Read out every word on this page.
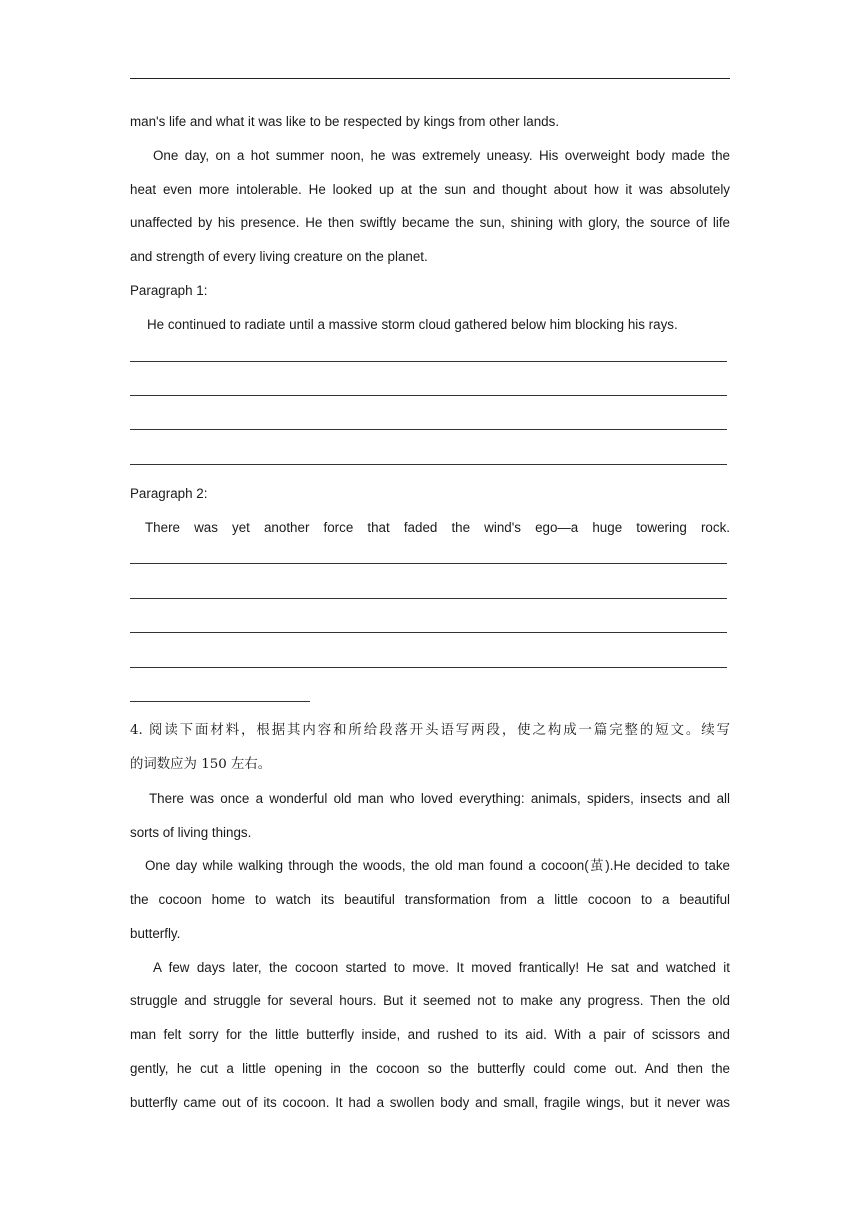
man's life and what it was like to be respected by kings from other lands.
One day, on a hot summer noon, he was extremely uneasy. His overweight body made the
heat even more intolerable. He looked up at the sun and thought about how it was absolutely
unaffected by his presence. He then swiftly became the sun, shining with glory, the source of life
and strength of every living creature on the planet.
Paragraph 1:
He continued to radiate until a massive storm cloud gathered below him blocking his rays.
Paragraph 2:
There was yet another force that faded the wind's ego—a huge towering rock.
4. 阅读下面材料，根据其内容和所给段落开头语写两段，使之构成一篇完整的短文。续写
的词数应为 150 左右。
There was once a wonderful old man who loved everything: animals, spiders, insects and all
sorts of living things.
One day while walking through the woods, the old man found a cocoon(茧).He decided to take
the cocoon home to watch its beautiful transformation from a little cocoon to a beautiful
butterfly.
A few days later, the cocoon started to move. It moved frantically! He sat and watched it
struggle and struggle for several hours. But it seemed not to make any progress. Then the old
man felt sorry for the little butterfly inside, and rushed to its aid. With a pair of scissors and
gently, he cut a little opening in the cocoon so the butterfly could come out. And then the
butterfly came out of its cocoon. It had a swollen body and small, fragile wings, but it never was
